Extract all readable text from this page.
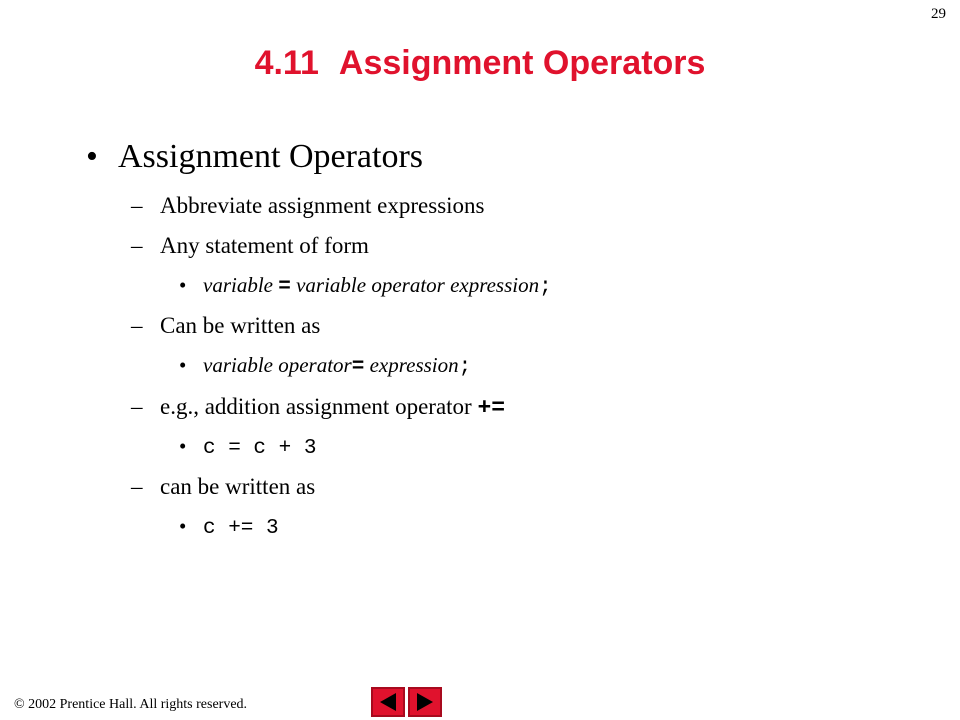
29
4.11 Assignment Operators
• Assignment Operators
– Abbreviate assignment expressions
– Any statement of form
• variable = variable operator expression;
– Can be written as
• variable operator= expression;
– e.g., addition assignment operator +=
• c = c + 3
– can be written as
• c += 3
© 2002 Prentice Hall. All rights reserved.
